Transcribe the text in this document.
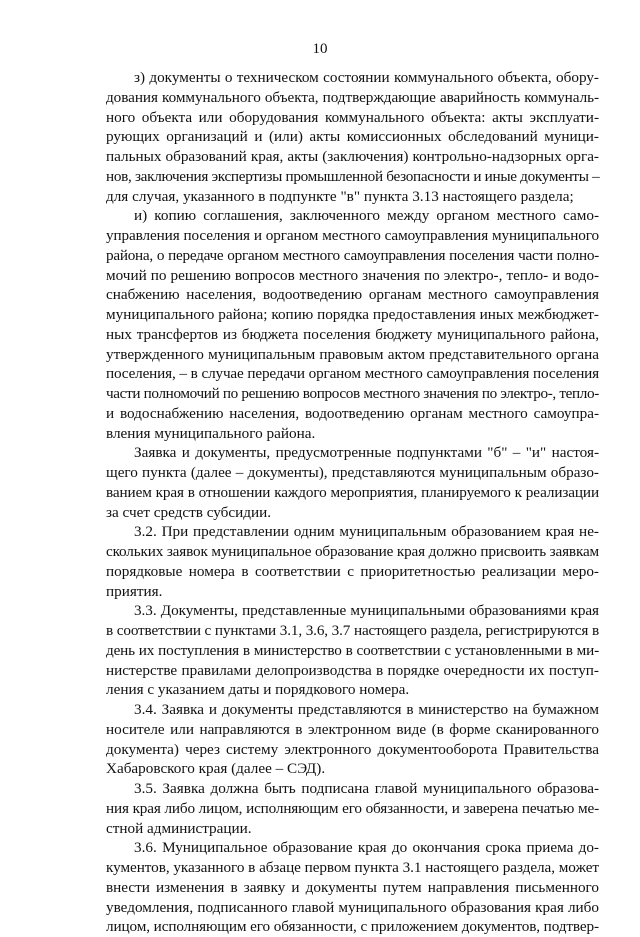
10

з) документы о техническом состоянии коммунального объекта, обору-
дования коммунального объекта, подтверждающие аварийность коммуналь-
ного объекта или оборудования коммунального объекта: акты эксплуати-
рующих организаций и (или) акты комиссионных обследований муници-
пальных образований края, акты (заключения) контрольно-надзорных орга-
нов, заключения экспертизы промышленной безопасности и иные документы –
для случая, указанного в подпункте "в" пункта 3.13 настоящего раздела;

и) копию соглашения, заключенного между органом местного само-
управления поселения и органом местного самоуправления муниципального
района, о передаче органом местного самоуправления поселения части полно-
мочий по решению вопросов местного значения по электро-, тепло- и водо-
снабжению населения, водоотведению органам местного самоуправления
муниципального района; копию порядка предоставления иных межбюджет-
ных трансфертов из бюджета поселения бюджету муниципального района,
утвержденного муниципальным правовым актом представительного органа
поселения, – в случае передачи органом местного самоуправления поселения
части полномочий по решению вопросов местного значения по электро-, тепло-
и водоснабжению населения, водоотведению органам местного самоупра-
вления муниципального района.

Заявка и документы, предусмотренные подпунктами "б" – "и" настоя-
щего пункта (далее – документы), представляются муниципальным образо-
ванием края в отношении каждого мероприятия, планируемого к реализации
за счет средств субсидии.

3.2. При представлении одним муниципальным образованием края не-
скольких заявок муниципальное образование края должно присвоить заявкам
порядковые номера в соответствии с приоритетностью реализации меро-
приятия.

3.3. Документы, представленные муниципальными образованиями края
в соответствии с пунктами 3.1, 3.6, 3.7 настоящего раздела, регистрируются в
день их поступления в министерство в соответствии с установленными в ми-
нистерстве правилами делопроизводства в порядке очередности их поступ-
ления с указанием даты и порядкового номера.

3.4. Заявка и документы представляются в министерство на бумажном
носителе или направляются в электронном виде (в форме сканированного
документа) через систему электронного документооборота Правительства
Хабаровского края (далее – СЭД).

3.5. Заявка должна быть подписана главой муниципального образова-
ния края либо лицом, исполняющим его обязанности, и заверена печатью ме-
стной администрации.

3.6. Муниципальное образование края до окончания срока приема до-
кументов, указанного в абзаце первом пункта 3.1 настоящего раздела, может
внести изменения в заявку и документы путем направления письменного
уведомления, подписанного главой муниципального образования края либо
лицом, исполняющим его обязанности, с приложением документов, подтвер-
